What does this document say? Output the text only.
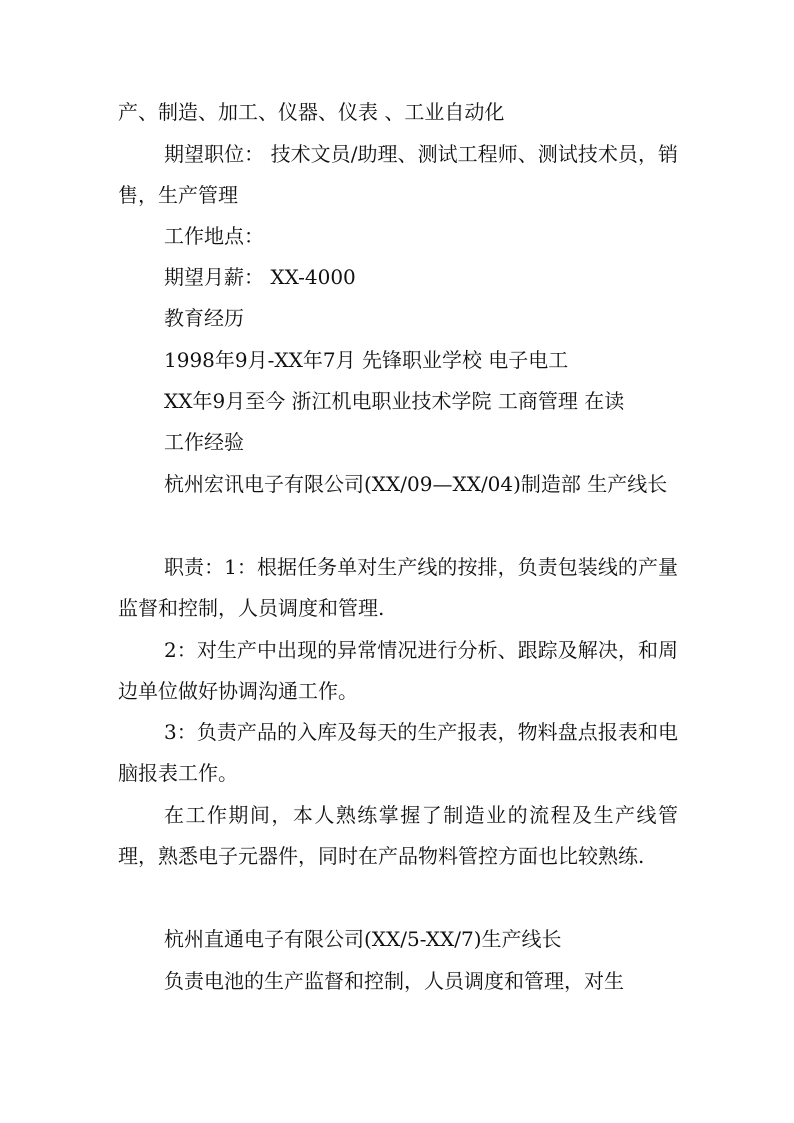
产、制造、加工、仪器、仪表 、工业自动化

期望职位： 技术文员/助理、测试工程师、测试技术员，销售，生产管理

工作地点：

期望月薪： XX-4000

教育经历

1998年9月-XX年7月 先锋职业学校 电子电工

XX年9月至今 浙江机电职业技术学院 工商管理 在读

工作经验

杭州宏讯电子有限公司(XX/09—XX/04)制造部 生产线长

职责：1：根据任务单对生产线的按排，负责包装线的产量监督和控制，人员调度和管理.

2：对生产中出现的异常情况进行分析、跟踪及解决，和周边单位做好协调沟通工作。

3：负责产品的入库及每天的生产报表，物料盘点报表和电脑报表工作。

在工作期间，本人熟练掌握了制造业的流程及生产线管理，熟悉电子元器件，同时在产品物料管控方面也比较熟练.

杭州直通电子有限公司(XX/5-XX/7)生产线长

负责电池的生产监督和控制，人员调度和管理，对生
